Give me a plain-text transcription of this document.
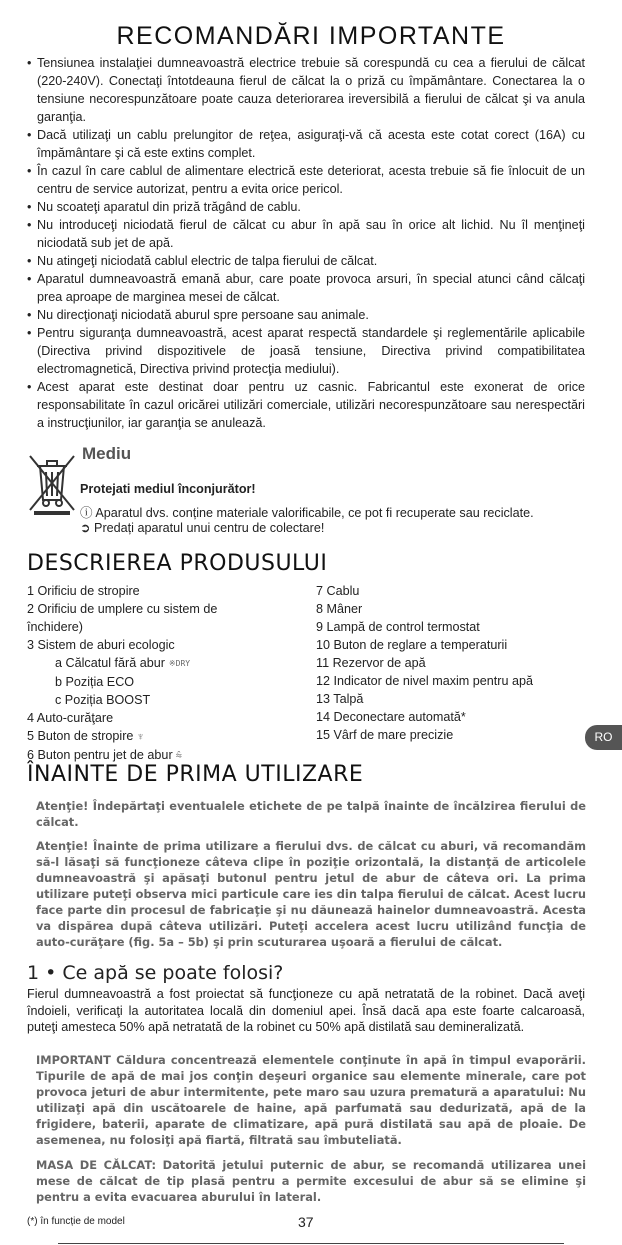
RECOMANDĂRI IMPORTANTE
• Tensiunea instalaţiei dumneavoastră electrice trebuie să corespundă cu cea a fierului de călcat (220-240V). Conectaţi întotdeauna fierul de călcat la o priză cu împământare. Conectarea la o tensiune necorespunzătoare poate cauza deteriorarea ireversibilă a fierului de călcat şi va anula garanţia.
• Dacă utilizaţi un cablu prelungitor de reţea, asiguraţi-vă că acesta este cotat corect (16A) cu împământare şi că este extins complet.
• În cazul în care cablul de alimentare electrică este deteriorat, acesta trebuie să fie înlocuit de un centru de service autorizat, pentru a evita orice pericol.
• Nu scoateţi aparatul din priză trăgând de cablu.
• Nu introduceţi niciodată fierul de călcat cu abur în apă sau în orice alt lichid. Nu îl menţineţi niciodată sub jet de apă.
• Nu atingeţi niciodată cablul electric de talpa fierului de călcat.
• Aparatul dumneavoastră emană abur, care poate provoca arsuri, în special atunci când călcaţi prea aproape de marginea mesei de călcat.
• Nu direcţionaţi niciodată aburul spre persoane sau animale.
• Pentru siguranţa dumneavoastră, acest aparat respectă standardele şi reglementările aplicabile (Directiva privind dispozitivele de joasă tensiune, Directiva privind compatibilitatea electromagnetică, Directiva privind protecţia mediului).
• Acest aparat este destinat doar pentru uz casnic. Fabricantul este exonerat de orice responsabilitate în cazul oricărei utilizări comerciale, utilizări necorespunzătoare sau nerespectări a instrucţiunilor, iar garanţia se anulează.
Mediu
Protejati mediul înconjurător!
ⓘ Aparatul dvs. conține materiale valorificabile, ce pot fi recuperate sau reciclate.
➲ Predați aparatul unui centru de colectare!
DESCRIEREA PRODUSULUI
1 Orificiu de stropire
2 Orificiu de umplere cu sistem de
închidere)
3 Sistem de aburi ecologic
a Călcatul fără abur ※DRY
b Poziția ECO
c Poziția BOOST
4 Auto-curăţare
5 Buton de stropire ♆
6 Buton pentru jet de abur ⩯
7 Cablu
8 Mâner
9 Lampă de control termostat
10 Buton de reglare a temperaturii
11 Rezervor de apă
12 Indicator de nivel maxim pentru apă
13 Talpă
14 Deconectare automată*
15 Vârf de mare precizie	RO
ÎNAINTE DE PRIMA UTILIZARE
Atenţie! Îndepărtaţi eventualele etichete de pe talpă înainte de încălzirea fierului de călcat.
Atenţie! Înainte de prima utilizare a fierului dvs. de călcat cu aburi, vă recomandăm să-l lăsaţi să funcţioneze câteva clipe în poziţie orizontală, la distanţă de articolele dumneavoastră şi apăsaţi butonul pentru jetul de abur de câteva ori. La prima utilizare puteţi observa mici particule care ies din talpa fierului de călcat. Acest lucru face parte din procesul de fabricaţie şi nu dăunează hainelor dumneavoastră. Acesta va dispărea după câteva utilizări. Puteţi accelera acest lucru utilizând funcţia de auto-curăţare (fig. 5a – 5b) şi prin scuturarea uşoară a fierului de călcat.
1 • Ce apă se poate folosi?
Fierul dumneavoastră a fost proiectat să funcţioneze cu apă netratată de la robinet. Dacă aveţi îndoieli, verificaţi la autoritatea locală din domeniul apei. Însă dacă apa este foarte calcaroasă, puteţi amesteca 50% apă netratată de la robinet cu 50% apă distilată sau demineralizată.
IMPORTANT Căldura concentrează elementele conţinute în apă în timpul evaporării. Tipurile de apă de mai jos conţin deşeuri organice sau elemente minerale, care pot provoca jeturi de abur intermitente, pete maro sau uzura prematură a aparatului: Nu utilizaţi apă din uscătoarele de haine, apă parfumată sau dedurizată, apă de la frigidere, baterii, aparate de climatizare, apă pură distilată sau apă de ploaie. De asemenea, nu folosiţi apă fiartă, filtrată sau îmbuteliată.
MASA DE CĂLCAT: Datorită jetului puternic de abur, se recomandă utilizarea unei mese de călcat de tip plasă pentru a permite excesului de abur să se elimine şi pentru a evita evacuarea aburului în lateral.
(*) în funcție de model	37
